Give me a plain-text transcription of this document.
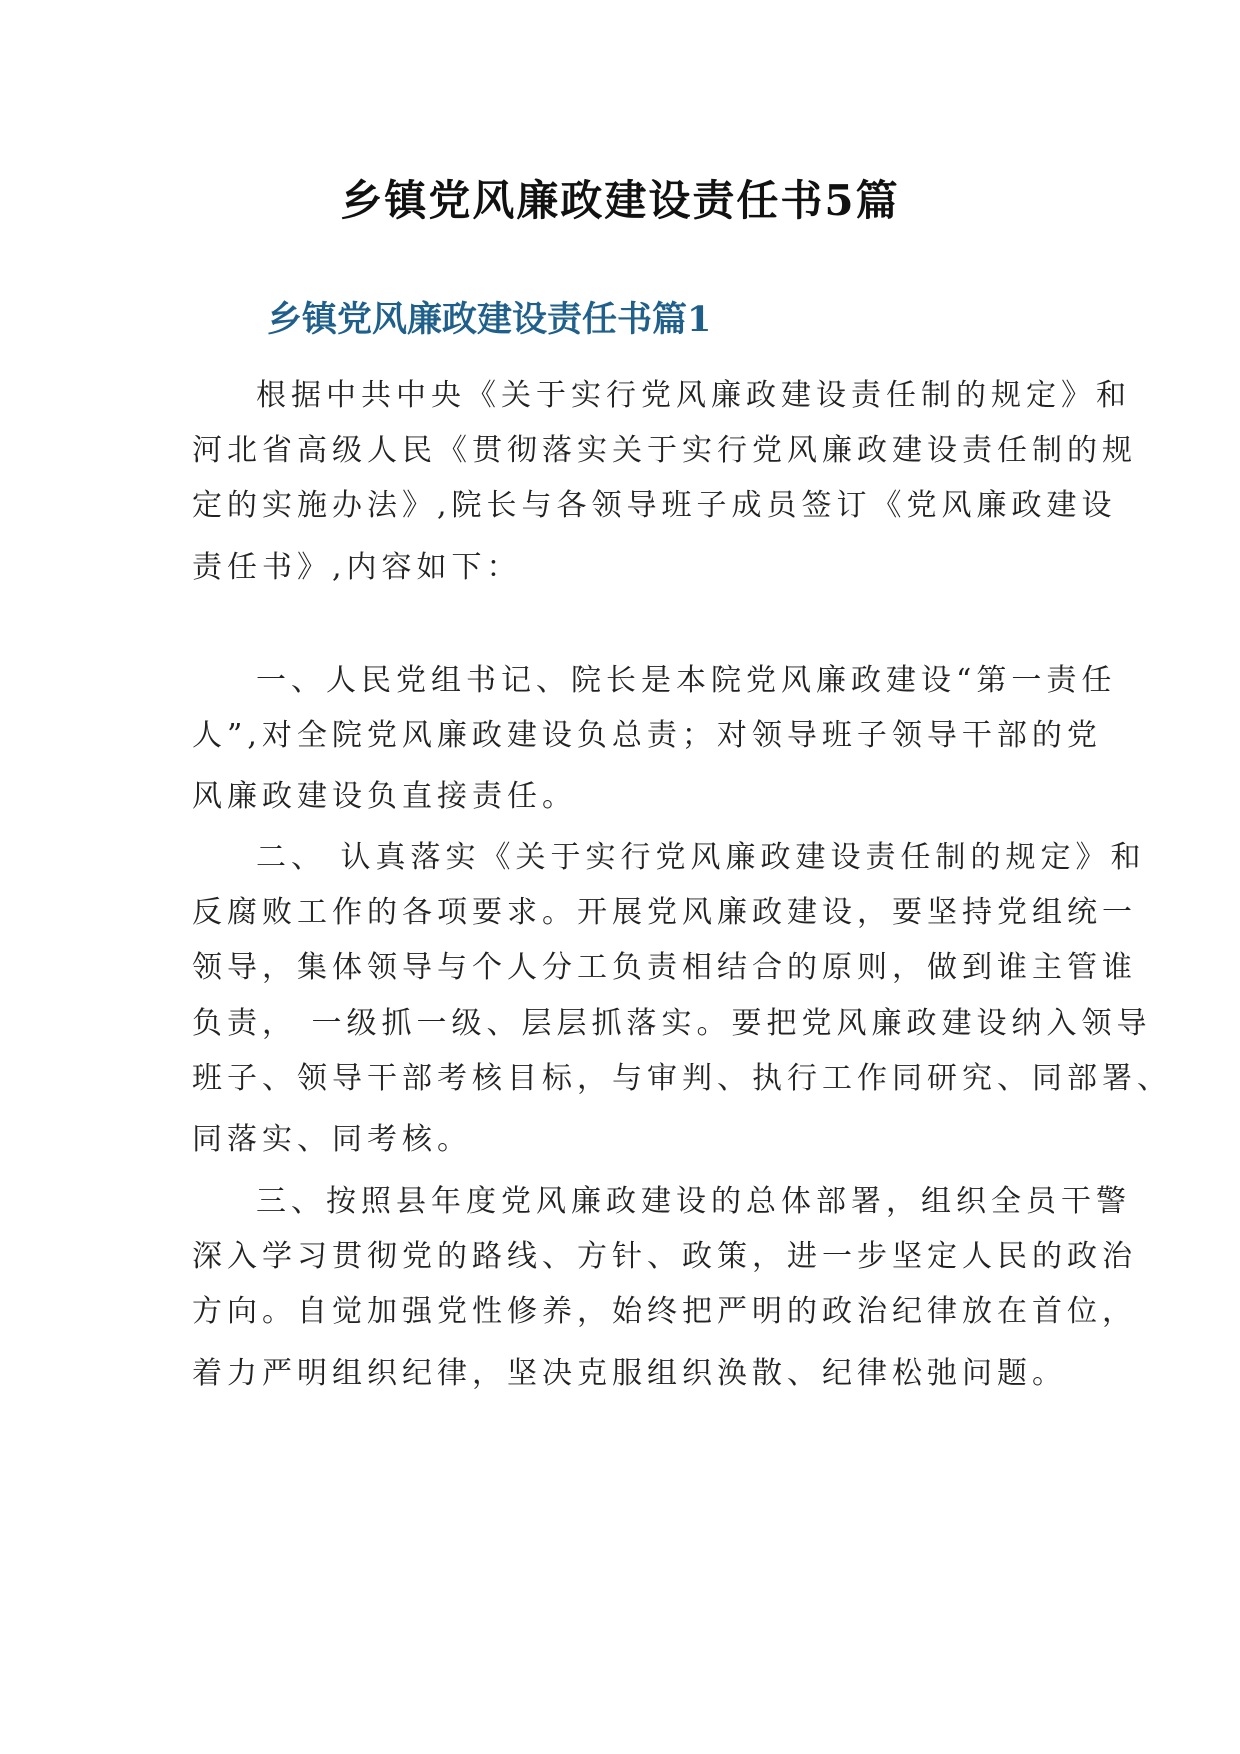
乡镇党风廉政建设责任书5篇
乡镇党风廉政建设责任书篇1

根据中共中央《关于实行党风廉政建设责任制的规定》和

河北省高级人民《贯彻落实关于实行党风廉政建设责任制的规

定的实施办法》,院长与各领导班子成员签订《党风廉政建设

责任书》,内容如下：

一、人民党组书记、院长是本院党风廉政建设“第一责任

人”,对全院党风廉政建设负总责；对领导班子领导干部的党

风廉政建设负直接责任。

二、 认真落实《关于实行党风廉政建设责任制的规定》和

反腐败工作的各项要求。开展党风廉政建设，要坚持党组统一

领导，集体领导与个人分工负责相结合的原则，做到谁主管谁

负责， 一级抓一级、层层抓落实。要把党风廉政建设纳入领导

班子、领导干部考核目标，与审判、执行工作同研究、同部署、

同落实、同考核。

三、按照县年度党风廉政建设的总体部署，组织全员干警

深入学习贯彻党的路线、方针、政策，进一步坚定人民的政治

方向。自觉加强党性修养，始终把严明的政治纪律放在首位，

着力严明组织纪律，坚决克服组织涣散、纪律松弛问题。
